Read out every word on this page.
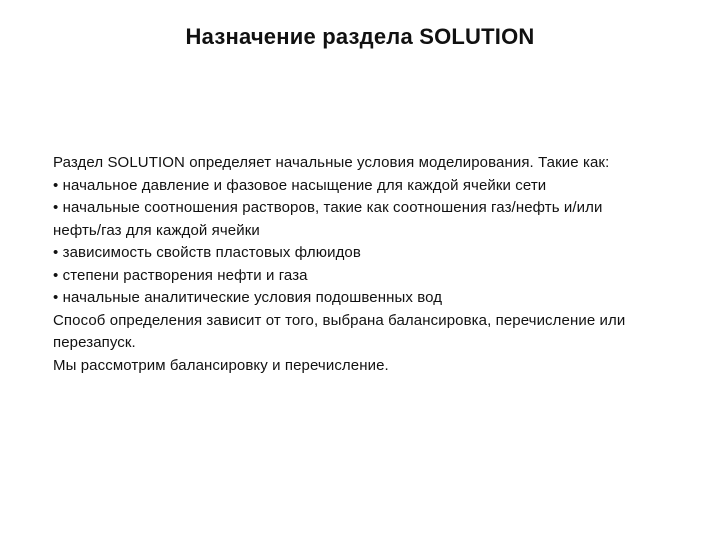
Назначение раздела SOLUTION
Раздел SOLUTION определяет начальные условия моделирования. Такие как:
• начальное давление и фазовое насыщение для каждой ячейки сети
• начальные соотношения растворов, такие как соотношения газ/нефть и/или
нефть/газ для каждой ячейки
• зависимость свойств пластовых флюидов
• степени растворения нефти и газа
• начальные аналитические условия подошвенных вод
Способ определения зависит от того, выбрана балансировка, перечисление или
перезапуск.
Мы рассмотрим балансировку и перечисление.
